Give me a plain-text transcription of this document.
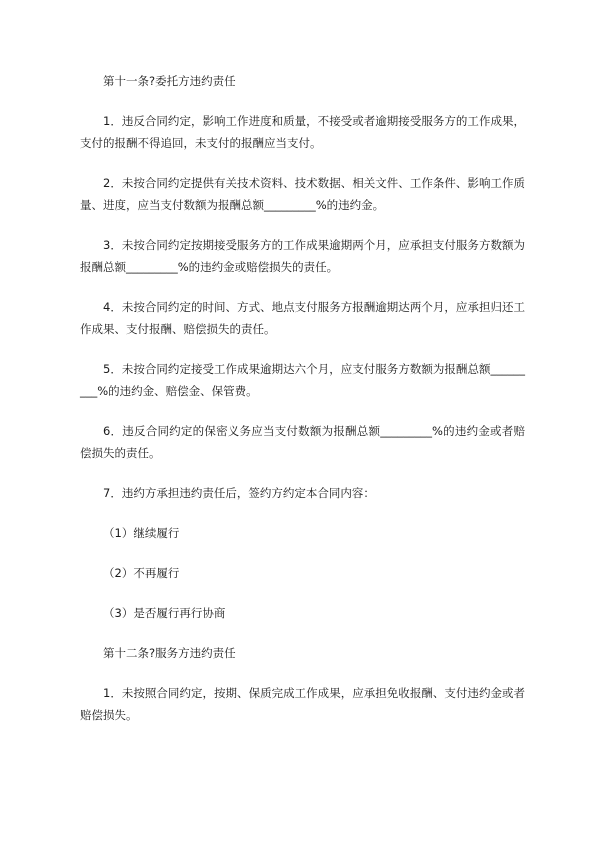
第十一条?委托方违约责任

1．违反合同约定，影响工作进度和质量，不接受或者逾期接受服务方的工作成果，支付的报酬不得追回，未支付的报酬应当支付。

2．未按合同约定提供有关技术资料、技术数据、相关文件、工作条件、影响工作质量、进度，应当支付数额为报酬总额_________%的违约金。

3．未按合同约定按期接受服务方的工作成果逾期两个月，应承担支付服务方数额为报酬总额_________%的违约金或赔偿损失的责任。

4．未按合同约定的时间、方式、地点支付服务方报酬逾期达两个月，应承担归还工作成果、支付报酬、赔偿损失的责任。

5．未按合同约定接受工作成果逾期达六个月，应支付服务方数额为报酬总额_________%的违约金、赔偿金、保管费。

6．违反合同约定的保密义务应当支付数额为报酬总额_________%的违约金或者赔偿损失的责任。

7．违约方承担违约责任后，签约方约定本合同内容：

（1）继续履行
（2）不再履行
（3）是否履行再行协商
第十二条?服务方违约责任

1．未按照合同约定，按期、保质完成工作成果，应承担免收报酬、支付违约金或者赔偿损失。
